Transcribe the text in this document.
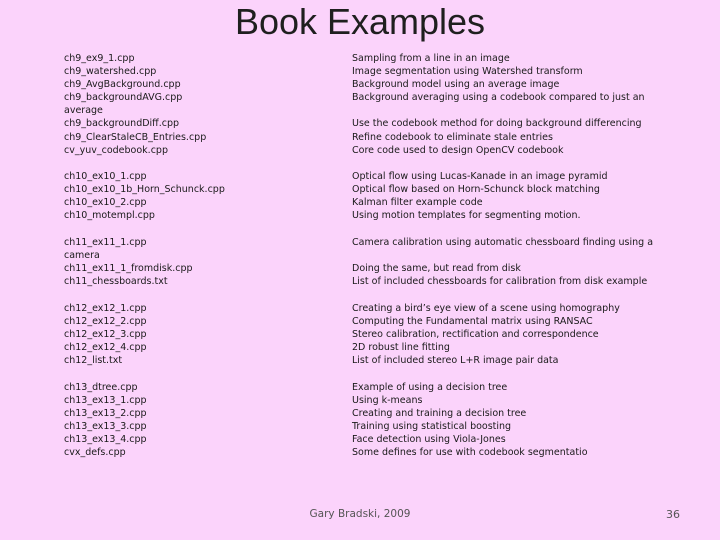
Book Examples
ch9_ex9_1.cpp
ch9_watershed.cpp
ch9_AvgBackground.cpp
ch9_backgroundAVG.cpp
average
ch9_backgroundDiff.cpp
ch9_ClearStaleCB_Entries.cpp
cv_yuv_codebook.cpp
Sampling from a line in an image
Image segmentation using Watershed transform
Background model using an average image
Background averaging using a codebook compared to just an
Use the codebook method for doing background differencing
Refine codebook to eliminate stale entries
Core code used to design OpenCV codebook
ch10_ex10_1.cpp
ch10_ex10_1b_Horn_Schunck.cpp
ch10_ex10_2.cpp
ch10_motempl.cpp
Optical flow using Lucas-Kanade in an image pyramid
Optical flow based on Horn-Schunck block matching
Kalman filter example code
Using motion templates for segmenting motion.
ch11_ex11_1.cpp
camera
ch11_ex11_1_fromdisk.cpp
ch11_chessboards.txt
Camera calibration using automatic chessboard finding using a
Doing the same, but read from disk
List of included chessboards for calibration from disk example
ch12_ex12_1.cpp
ch12_ex12_2.cpp
ch12_ex12_3.cpp
ch12_ex12_4.cpp
ch12_list.txt
Creating a bird’s eye view of a scene using homography
Computing the Fundamental matrix using RANSAC
Stereo calibration, rectification and correspondence
2D robust line fitting
List of included stereo L+R image pair data
ch13_dtree.cpp
ch13_ex13_1.cpp
ch13_ex13_2.cpp
ch13_ex13_3.cpp
ch13_ex13_4.cpp
cvx_defs.cpp
Example of using a decision tree
Using k-means
Creating and training a decision tree
Training using statistical boosting
Face detection using Viola-Jones
Some defines for use with codebook segmentatio
Gary Bradski, 2009	36
